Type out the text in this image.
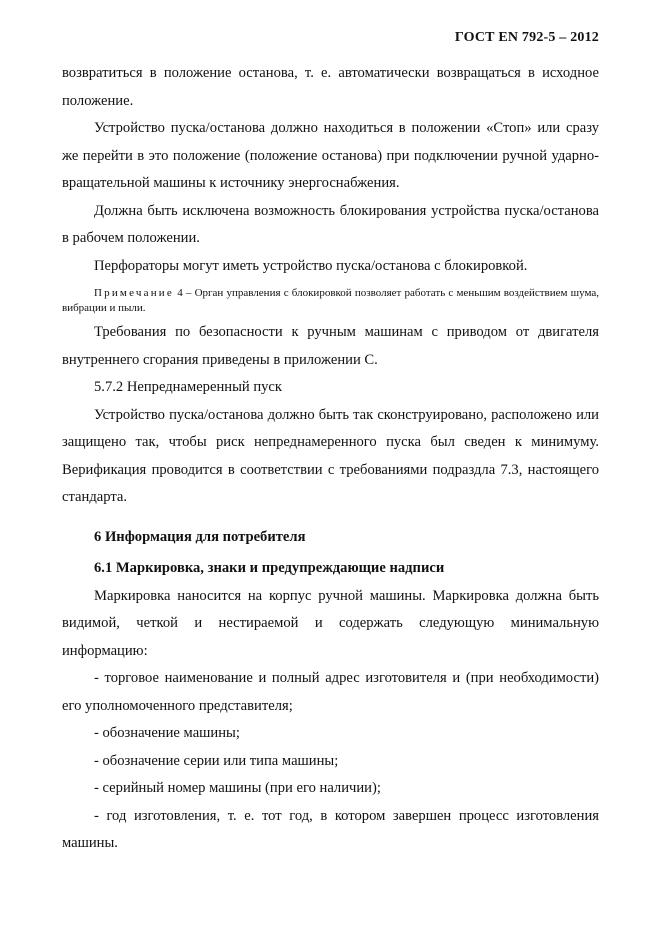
ГОСТ EN 792-5 – 2012

возвратиться в положение останова, т. е. автоматически возвращаться в исходное положение.

Устройство пуска/останова должно находиться в положении «Стоп» или сразу же перейти в это положение (положение останова) при подключении ручной ударно-вращательной машины к источнику энергоснабжения.

Должна быть исключена возможность блокирования устройства пуска/останова в рабочем положении.

Перфораторы могут иметь устройство пуска/останова с блокировкой.

Примечание 4 – Орган управления с блокировкой позволяет работать с меньшим воздействием шума, вибрации и пыли.

Требования по безопасности к ручным машинам с приводом от двигателя внутреннего сгорания приведены в приложении С.

5.7.2 Непреднамеренный пуск

Устройство пуска/останова должно быть так сконструировано, расположено или защищено так, чтобы риск непреднамеренного пуска был сведен к минимуму. Верификация проводится в соответствии с требованиями подраздла 7.3, настоящего стандарта.

6 Информация для потребителя

6.1 Маркировка, знаки и предупреждающие надписи

Маркировка наносится на корпус ручной машины. Маркировка должна быть видимой, четкой и нестираемой и содержать следующую минимальную информацию:

- торговое наименование и полный адрес изготовителя и (при необходимости) его уполномоченного представителя;

- обозначение машины;

- обозначение серии или типа машины;

- серийный номер машины (при его наличии);

- год изготовления, т. е. тот год, в котором завершен процесс изготовления машины.
